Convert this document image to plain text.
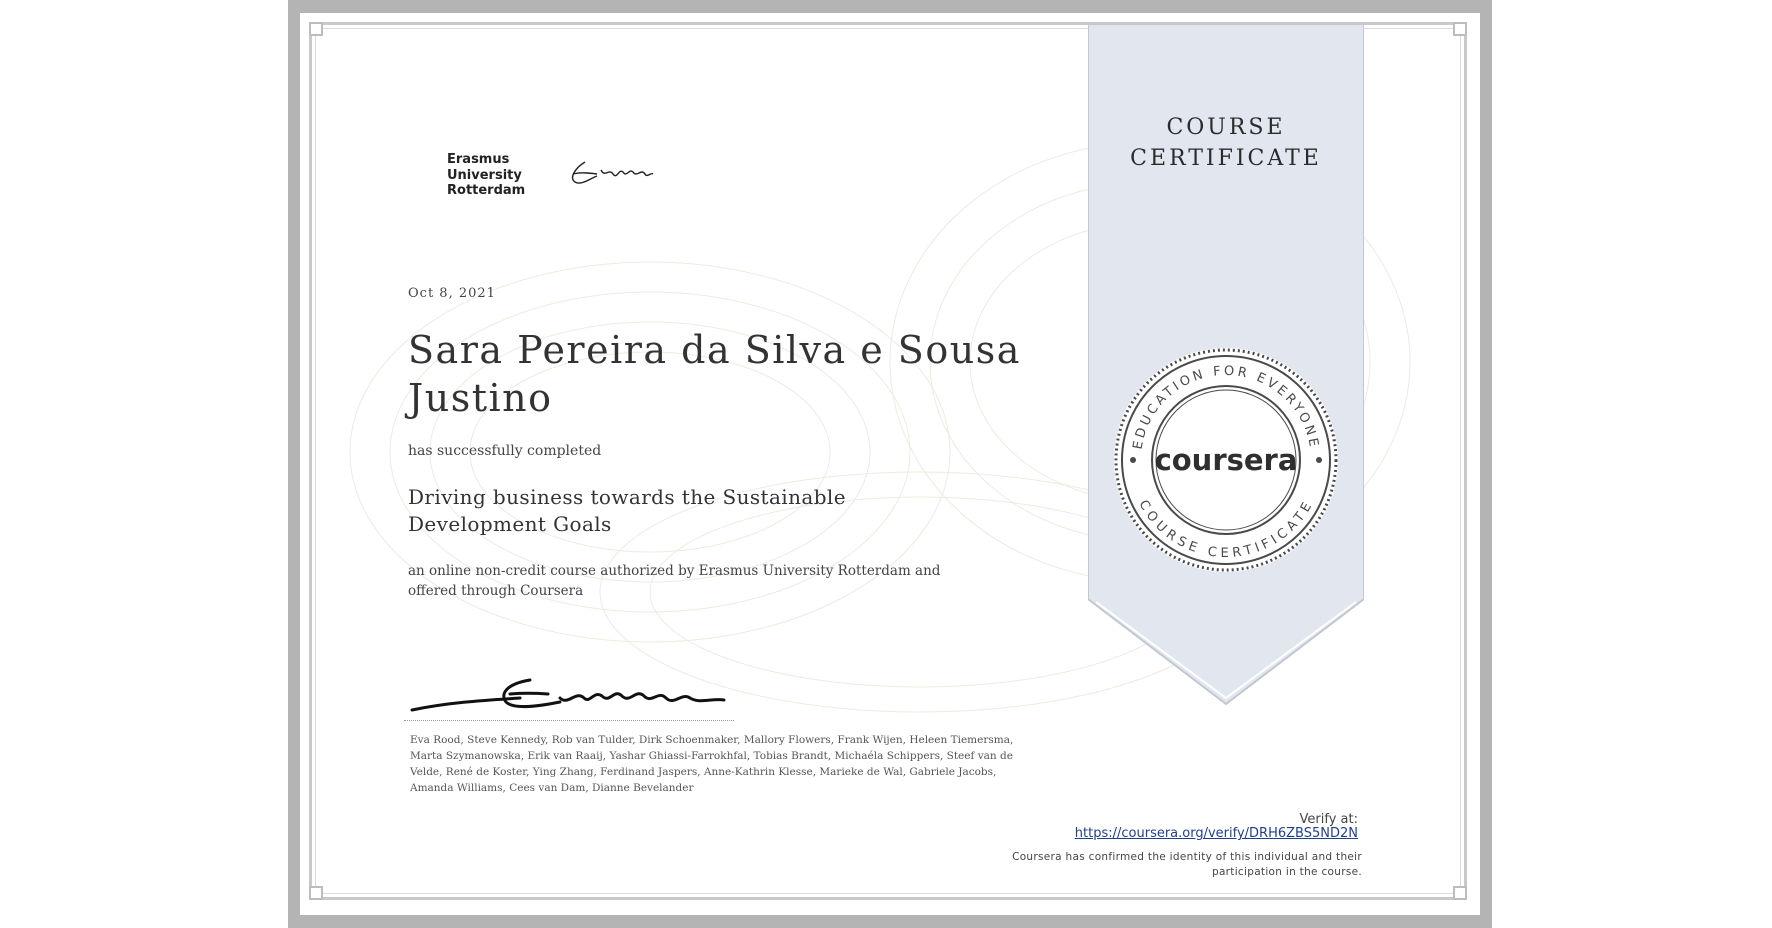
COURSE
CERTIFICATE
EDUCATION FOR EVERYONE
COURSE CERTIFICATE
coursera
Erasmus
University
Rotterdam
Oct 8, 2021
Sara Pereira da Silva e Sousa Justino
has successfully completed
Driving business towards the Sustainable Development Goals
an online non-credit course authorized by Erasmus University Rotterdam and offered through Coursera
Eva Rood, Steve Kennedy, Rob van Tulder, Dirk Schoenmaker, Mallory Flowers, Frank Wijen, Heleen Tiemersma, Marta Szymanowska, Erik van Raaij, Yashar Ghiassi-Farrokhfal, Tobias Brandt, Michaéla Schippers, Steef van de Velde, René de Koster, Ying Zhang, Ferdinand Jaspers, Anne-Kathrin Klesse, Marieke de Wal, Gabriele Jacobs, Amanda Williams, Cees van Dam, Dianne Bevelander
Verify at:
https://coursera.org/verify/DRH6ZBS5ND2N
Coursera has confirmed the identity of this individual and their participation in the course.
